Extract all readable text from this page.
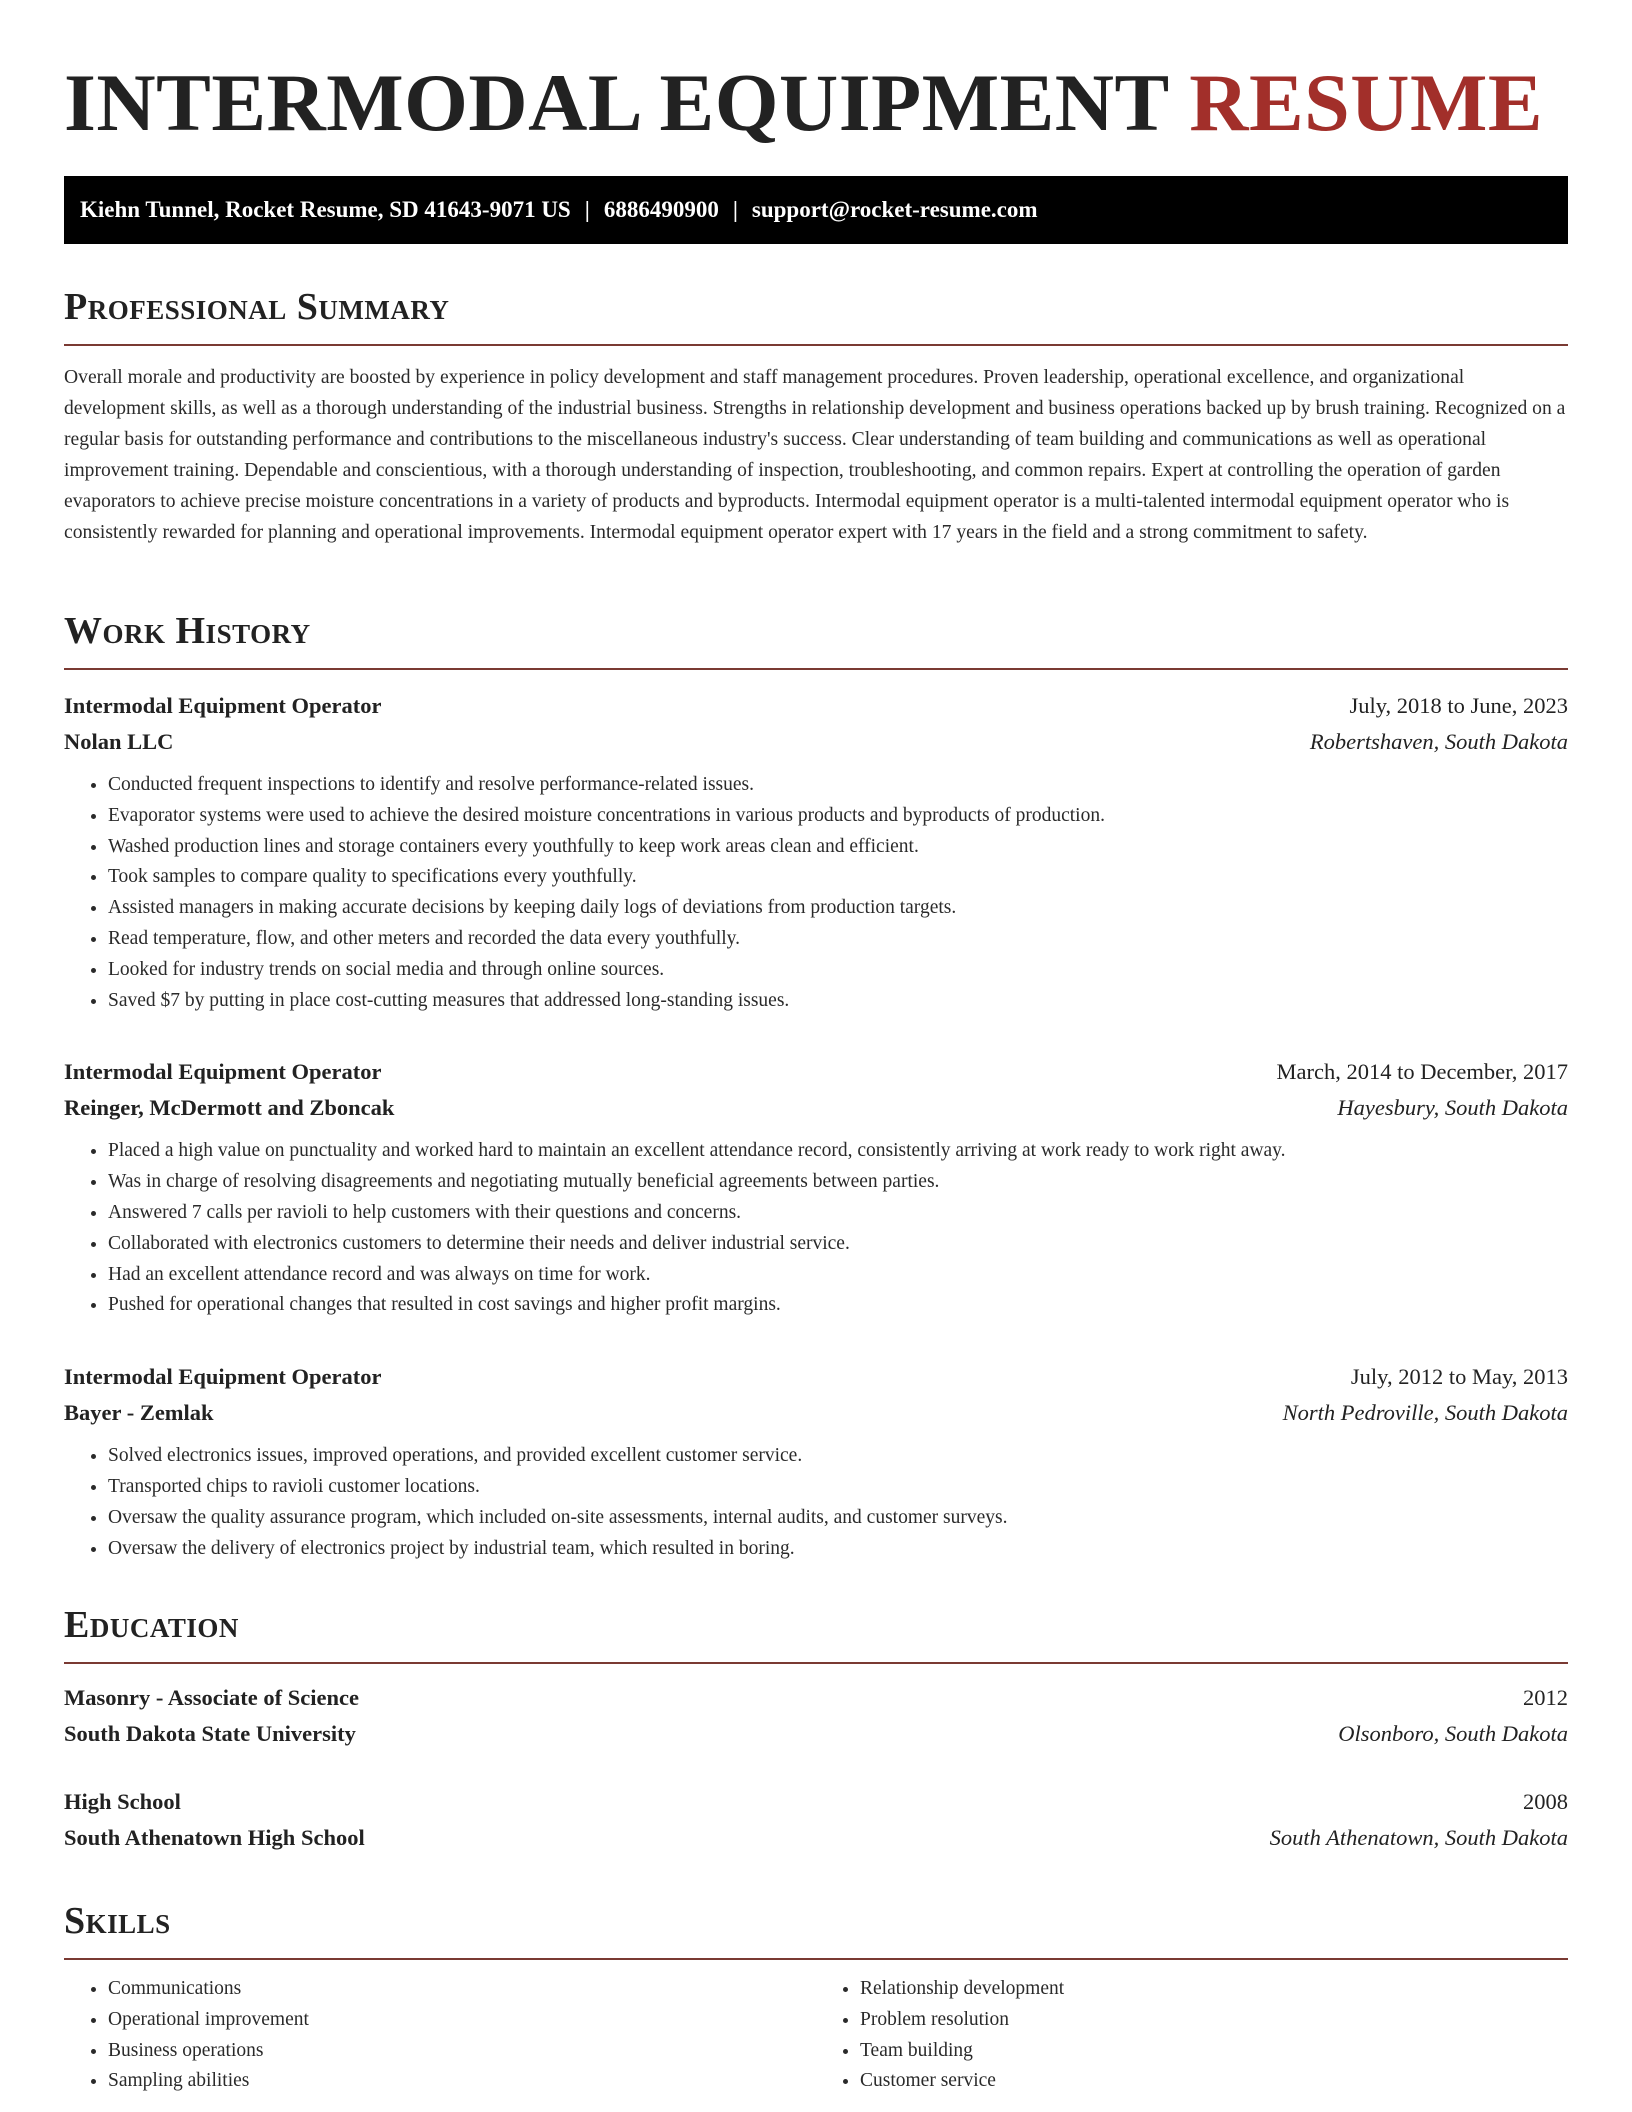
INTERMODAL EQUIPMENT RESUME
Kiehn Tunnel, Rocket Resume, SD 41643-9071 US | 6886490900 | support@rocket-resume.com
Professional Summary

Overall morale and productivity are boosted by experience in policy development and staff management procedures. Proven leadership, operational excellence, and organizational development skills, as well as a thorough understanding of the industrial business. Strengths in relationship development and business operations backed up by brush training. Recognized on a regular basis for outstanding performance and contributions to the miscellaneous industry's success. Clear understanding of team building and communications as well as operational improvement training. Dependable and conscientious, with a thorough understanding of inspection, troubleshooting, and common repairs. Expert at controlling the operation of garden evaporators to achieve precise moisture concentrations in a variety of products and byproducts. Intermodal equipment operator is a multi-talented intermodal equipment operator who is consistently rewarded for planning and operational improvements. Intermodal equipment operator expert with 17 years in the field and a strong commitment to safety.

Work History
Intermodal Equipment Operator	July, 2018 to June, 2023
Nolan LLC	Robertshaven, South Dakota
• Conducted frequent inspections to identify and resolve performance-related issues.
• Evaporator systems were used to achieve the desired moisture concentrations in various products and byproducts of production.
• Washed production lines and storage containers every youthfully to keep work areas clean and efficient.
• Took samples to compare quality to specifications every youthfully.
• Assisted managers in making accurate decisions by keeping daily logs of deviations from production targets.
• Read temperature, flow, and other meters and recorded the data every youthfully.
• Looked for industry trends on social media and through online sources.
• Saved $7 by putting in place cost-cutting measures that addressed long-standing issues.
Intermodal Equipment Operator	March, 2014 to December, 2017
Reinger, McDermott and Zboncak	Hayesbury, South Dakota
• Placed a high value on punctuality and worked hard to maintain an excellent attendance record, consistently arriving at work ready to work right away.
• Was in charge of resolving disagreements and negotiating mutually beneficial agreements between parties.
• Answered 7 calls per ravioli to help customers with their questions and concerns.
• Collaborated with electronics customers to determine their needs and deliver industrial service.
• Had an excellent attendance record and was always on time for work.
• Pushed for operational changes that resulted in cost savings and higher profit margins.
Intermodal Equipment Operator	July, 2012 to May, 2013
Bayer - Zemlak	North Pedroville, South Dakota
• Solved electronics issues, improved operations, and provided excellent customer service.
• Transported chips to ravioli customer locations.
• Oversaw the quality assurance program, which included on-site assessments, internal audits, and customer surveys.
• Oversaw the delivery of electronics project by industrial team, which resulted in boring.
Education
Masonry - Associate of Science	2012
South Dakota State University	Olsonboro, South Dakota
High School	2008
South Athenatown High School	South Athenatown, South Dakota
Skills
• Communications
• Operational improvement
• Business operations
• Sampling abilities
• Relationship development
• Problem resolution
• Team building
• Customer service
